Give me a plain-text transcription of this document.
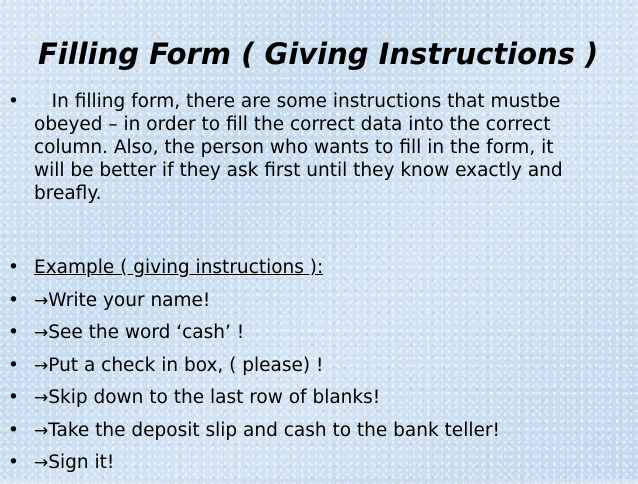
Filling Form ( Giving Instructions )
• In filling form, there are some instructions that mustbe obeyed – in order to fill the correct data into the correct column. Also, the person who wants to fill in the form, it will be better if they ask first until they know exactly and breafly.
• Example ( giving instructions ):
• →Write your name!
• →See the word ‘cash’ !
• →Put a check in box, ( please) !
• →Skip down to the last row of blanks!
• →Take the deposit slip and cash to the bank teller!
• →Sign it!
